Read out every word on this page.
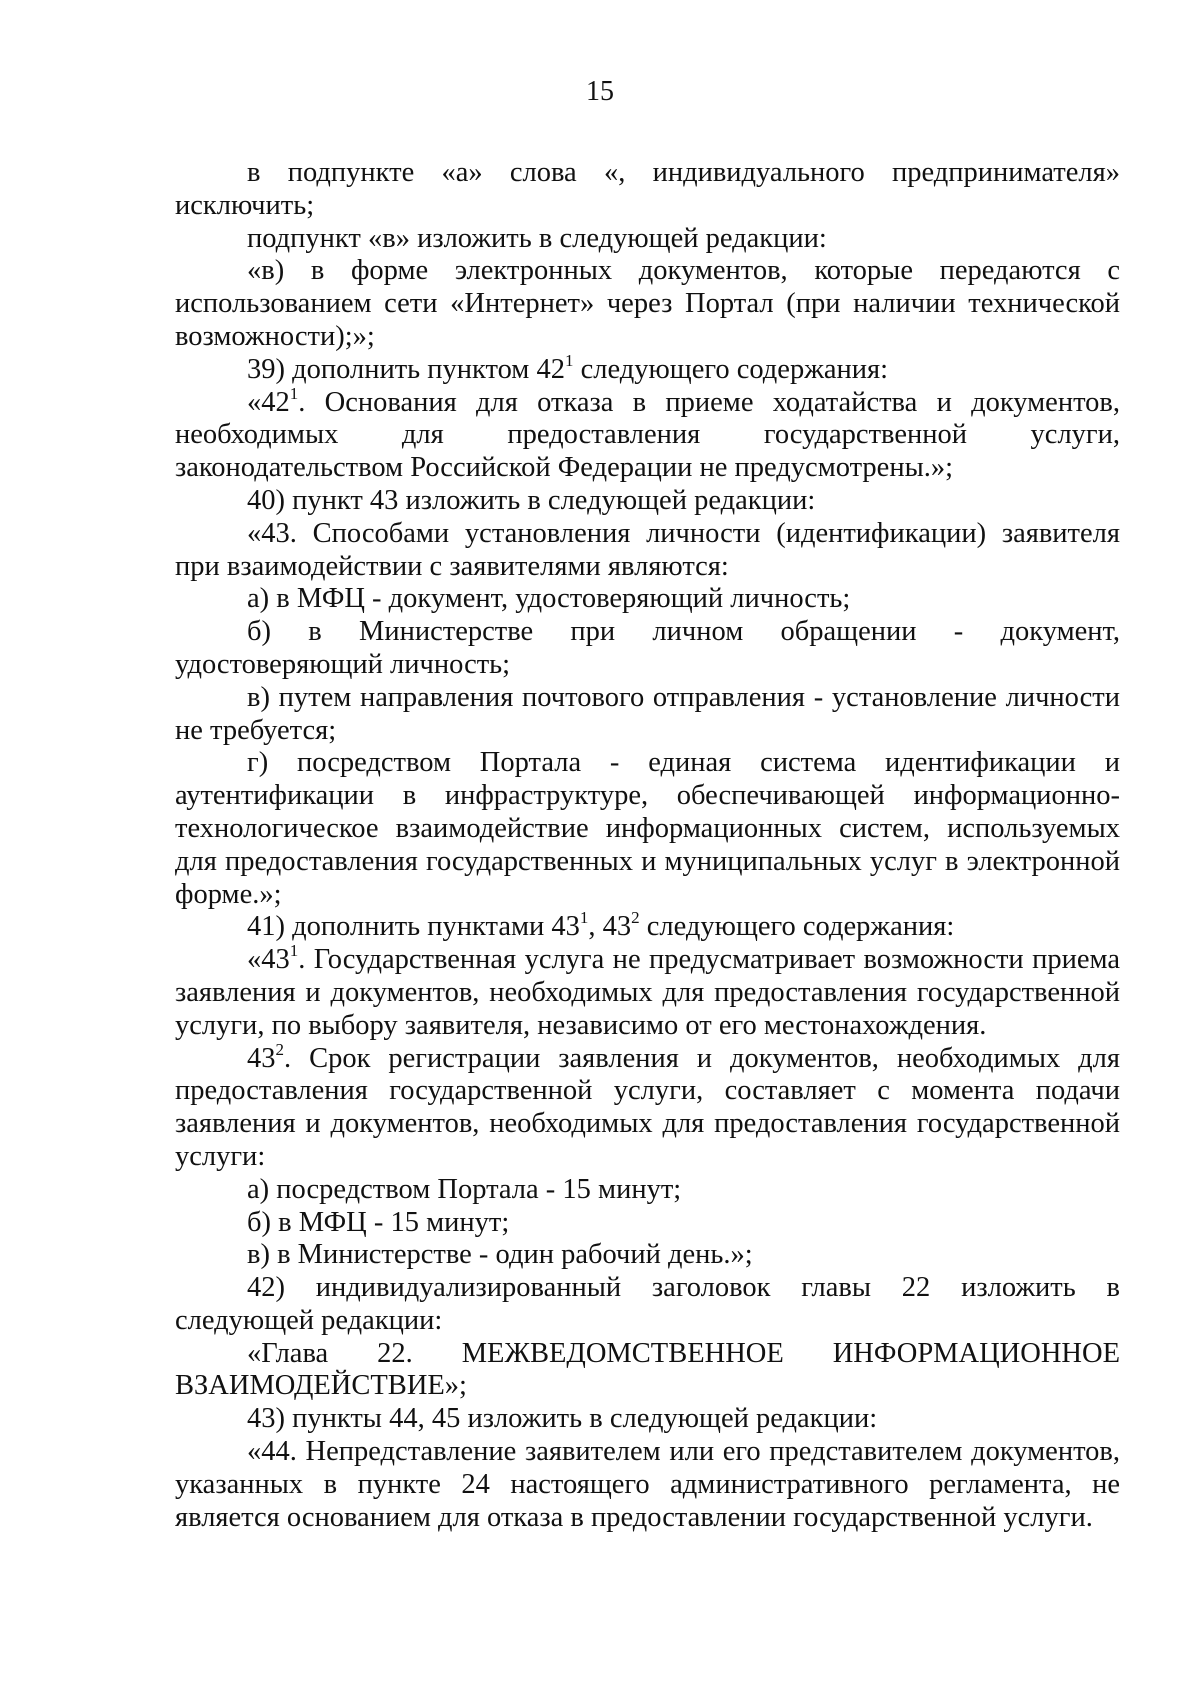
15

в подпункте «а» слова «, индивидуального предпринимателя» исключить;

подпункт «в» изложить в следующей редакции:

«в) в форме электронных документов, которые передаются с использованием сети «Интернет» через Портал (при наличии технической возможности);»;

39) дополнить пунктом $42^1$ следующего содержания:

«$42^1$. Основания для отказа в приеме ходатайства и документов, необходимых для предоставления государственной услуги, законодательством Российской Федерации не предусмотрены.»;

40) пункт 43 изложить в следующей редакции:

«43. Способами установления личности (идентификации) заявителя при взаимодействии с заявителями являются:

а) в МФЦ - документ, удостоверяющий личность;

б) в Министерстве при личном обращении - документ, удостоверяющий личность;

в) путем направления почтового отправления - установление личности не требуется;

г) посредством Портала - единая система идентификации и аутентификации в инфраструктуре, обеспечивающей информационно-технологическое взаимодействие информационных систем, используемых для предоставления государственных и муниципальных услуг в электронной форме.»;

41) дополнить пунктами $43^1$, $43^2$ следующего содержания:

«$43^1$. Государственная услуга не предусматривает возможности приема заявления и документов, необходимых для предоставления государственной услуги, по выбору заявителя, независимо от его местонахождения.

$43^2$. Срок регистрации заявления и документов, необходимых для предоставления государственной услуги, составляет с момента подачи заявления и документов, необходимых для предоставления государственной услуги:

а) посредством Портала - 15 минут;

б) в МФЦ - 15 минут;

в) в Министерстве - один рабочий день.»;

42) индивидуализированный заголовок главы 22 изложить в следующей редакции:

«Глава 22. МЕЖВЕДОМСТВЕННОЕ ИНФОРМАЦИОННОЕ ВЗАИМОДЕЙСТВИЕ»;

43) пункты 44, 45 изложить в следующей редакции:

«44. Непредставление заявителем или его представителем документов, указанных в пункте 24 настоящего административного регламента, не является основанием для отказа в предоставлении государственной услуги.
